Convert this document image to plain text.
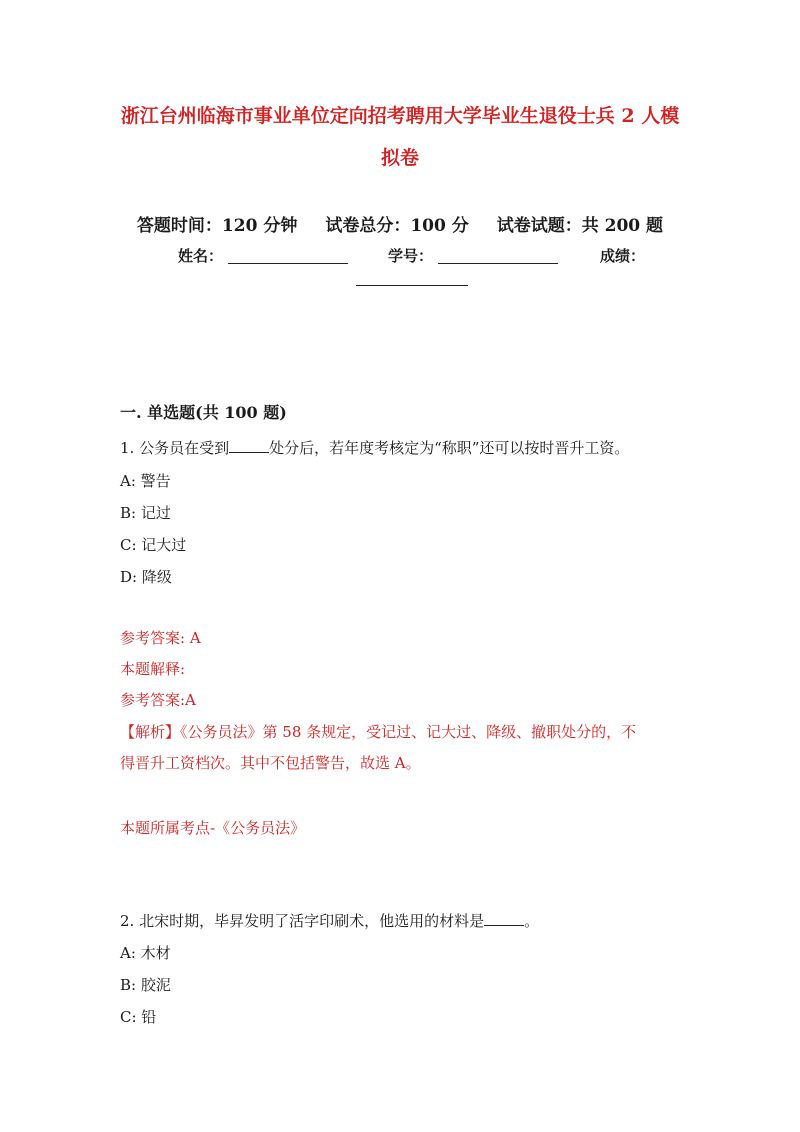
浙江台州临海市事业单位定向招考聘用大学毕业生退役士兵 2 人模
拟卷
答题时间：120 分钟 试卷总分：100 分 试卷试题：共 200 题
姓名：	学号：	成绩：
一. 单选题(共 100 题)
1. 公务员在受到	处分后，若年度考核定为“称职”还可以按时晋升工资。
A: 警告
B: 记过
C: 记大过
D: 降级
参考答案: A
本题解释:
参考答案:A
【解析】《公务员法》第 58 条规定，受记过、记大过、降级、撤职处分的，不
得晋升工资档次。其中不包括警告，故选 A。
本题所属考点-《公务员法》
2. 北宋时期，毕昇发明了活字印刷术，他选用的材料是	。
A: 木材
B: 胶泥
C: 铅
